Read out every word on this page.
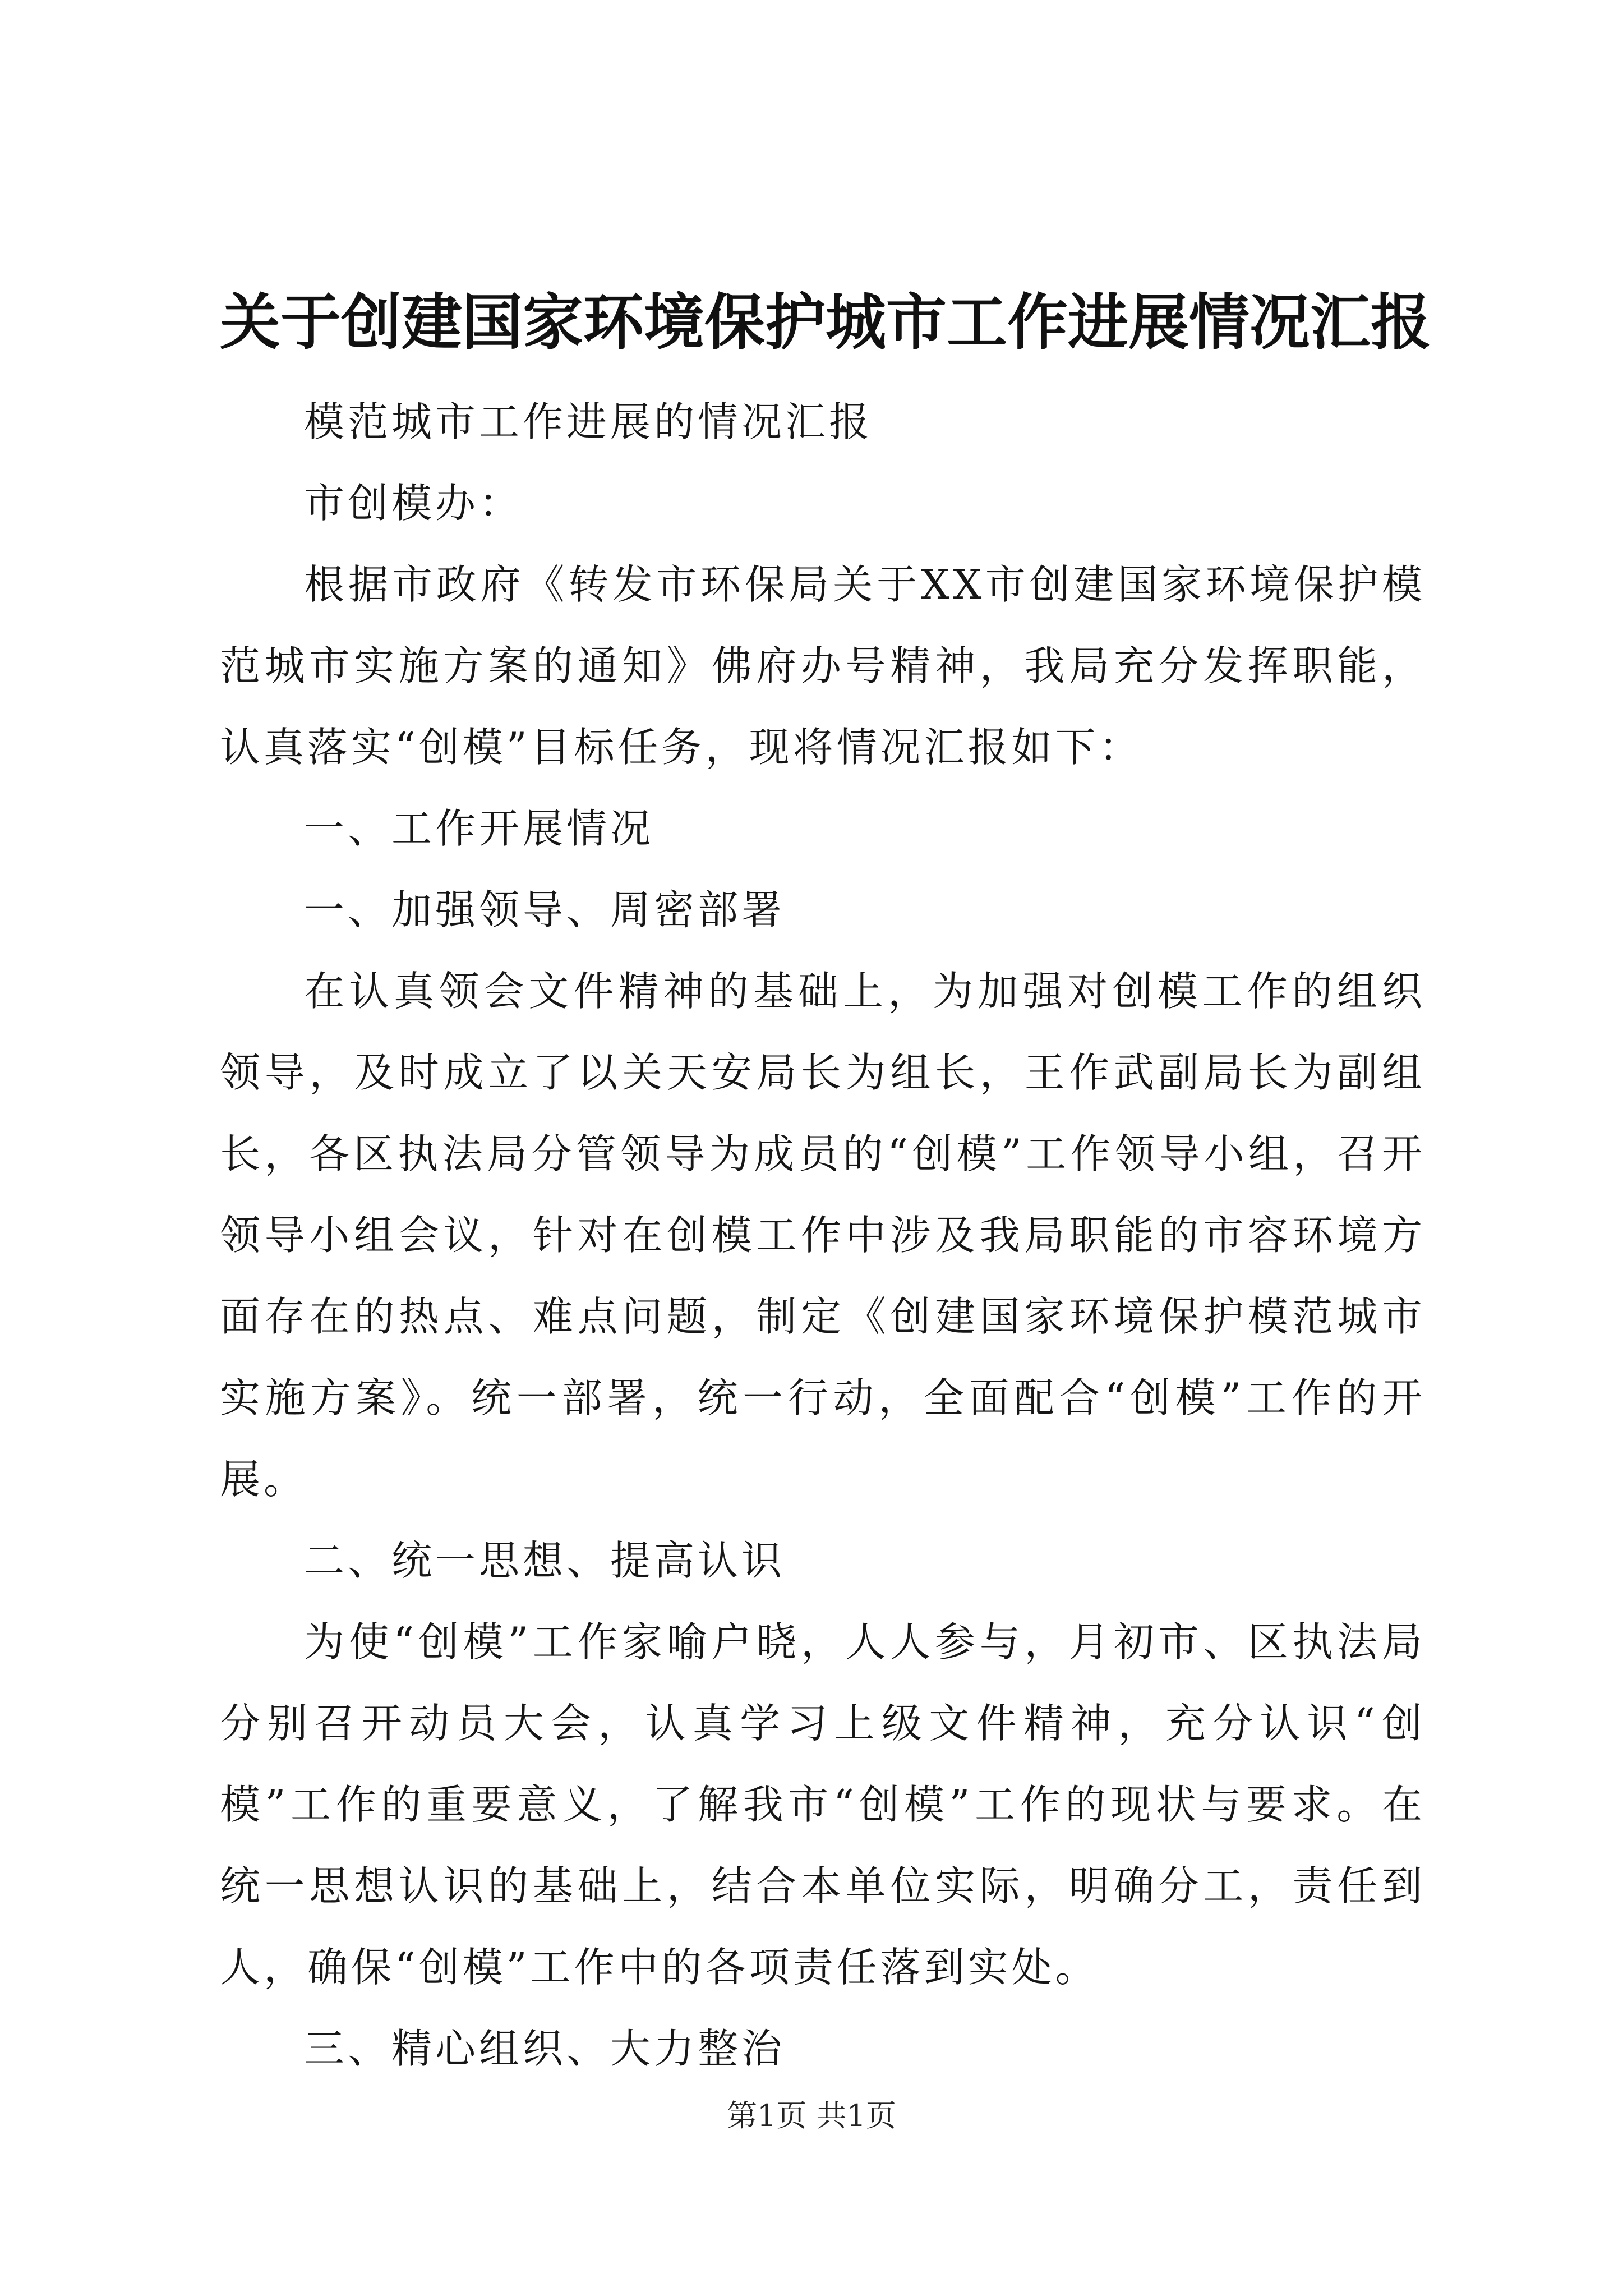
关于创建国家环境保护城市工作进展情况汇报

模范城市工作进展的情况汇报

市创模办：

根据市政府《转发市环保局关于XX市创建国家环境保护模范城市实施方案的通知》佛府办号精神，我局充分发挥职能，认真落实“创模”目标任务，现将情况汇报如下：

一、工作开展情况

一、加强领导、周密部署

在认真领会文件精神的基础上，为加强对创模工作的组织领导，及时成立了以关天安局长为组长，王作武副局长为副组长，各区执法局分管领导为成员的“创模”工作领导小组，召开领导小组会议，针对在创模工作中涉及我局职能的市容环境方面存在的热点、难点问题，制定《创建国家环境保护模范城市实施方案》。统一部署，统一行动，全面配合“创模”工作的开展。

二、统一思想、提高认识

为使“创模”工作家喻户晓，人人参与，月初市、区执法局分别召开动员大会，认真学习上级文件精神，充分认识“创模”工作的重要意义，了解我市“创模”工作的现状与要求。在统一思想认识的基础上，结合本单位实际，明确分工，责任到人，确保“创模”工作中的各项责任落到实处。

三、精心组织、大力整治

第1页 共1页
